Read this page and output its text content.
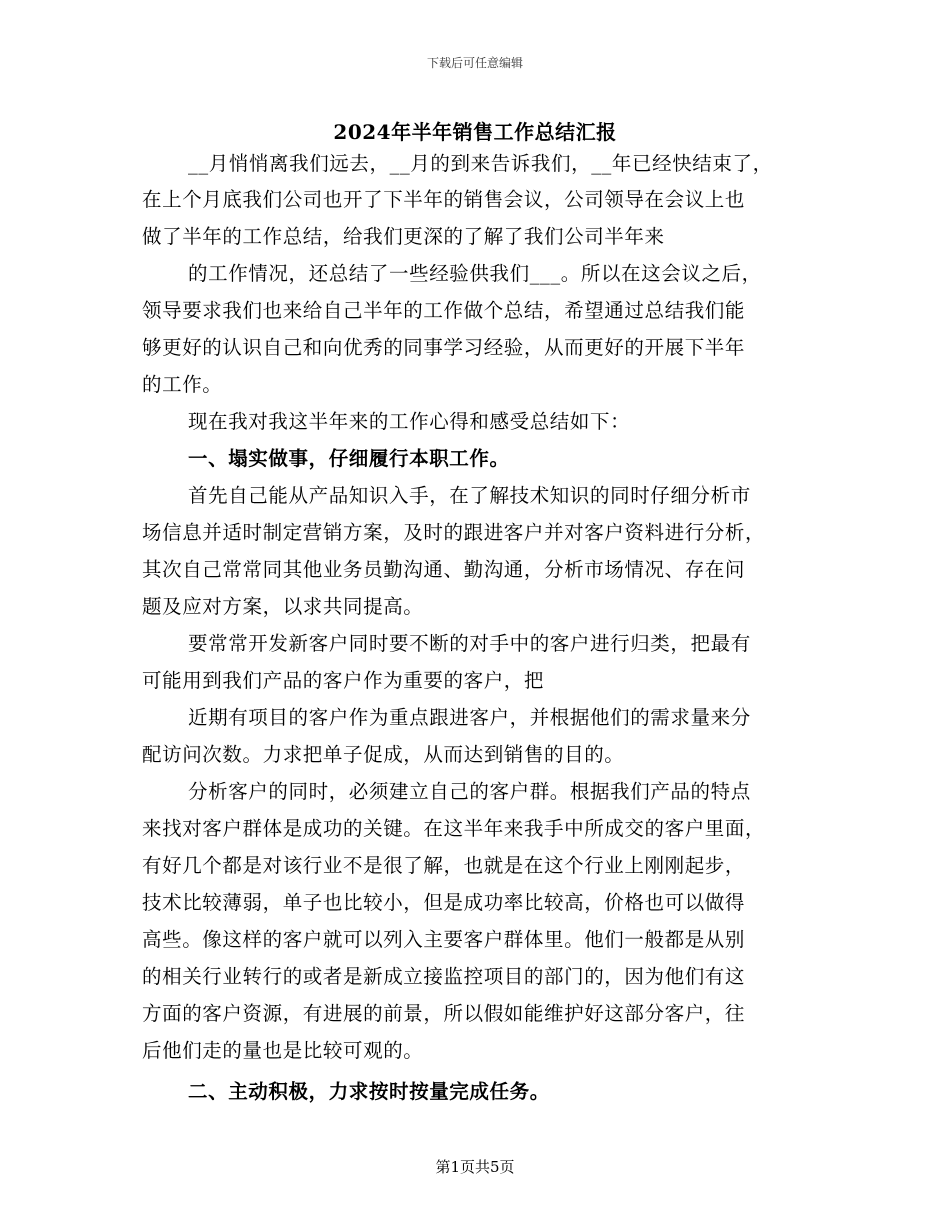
下载后可任意编辑
2024年半年销售工作总结汇报
__月悄悄离我们远去，__月的到来告诉我们，__年已经快结束了，
在上个月底我们公司也开了下半年的销售会议，公司领导在会议上也
做了半年的工作总结，给我们更深的了解了我们公司半年来
的工作情况，还总结了一些经验供我们___。所以在这会议之后，
领导要求我们也来给自己半年的工作做个总结，希望通过总结我们能
够更好的认识自己和向优秀的同事学习经验，从而更好的开展下半年
的工作。
现在我对我这半年来的工作心得和感受总结如下：
一、塌实做事，仔细履行本职工作。
首先自己能从产品知识入手，在了解技术知识的同时仔细分析市
场信息并适时制定营销方案，及时的跟进客户并对客户资料进行分析，
其次自己常常同其他业务员勤沟通、勤沟通，分析市场情况、存在问
题及应对方案，以求共同提高。
要常常开发新客户同时要不断的对手中的客户进行归类，把最有
可能用到我们产品的客户作为重要的客户，把
近期有项目的客户作为重点跟进客户，并根据他们的需求量来分
配访问次数。力求把单子促成，从而达到销售的目的。
分析客户的同时，必须建立自己的客户群。根据我们产品的特点
来找对客户群体是成功的关键。在这半年来我手中所成交的客户里面，
有好几个都是对该行业不是很了解，也就是在这个行业上刚刚起步，
技术比较薄弱，单子也比较小，但是成功率比较高，价格也可以做得
高些。像这样的客户就可以列入主要客户群体里。他们一般都是从别
的相关行业转行的或者是新成立接监控项目的部门的，因为他们有这
方面的客户资源，有进展的前景，所以假如能维护好这部分客户，往
后他们走的量也是比较可观的。
二、主动积极，力求按时按量完成任务。
第1页共5页
